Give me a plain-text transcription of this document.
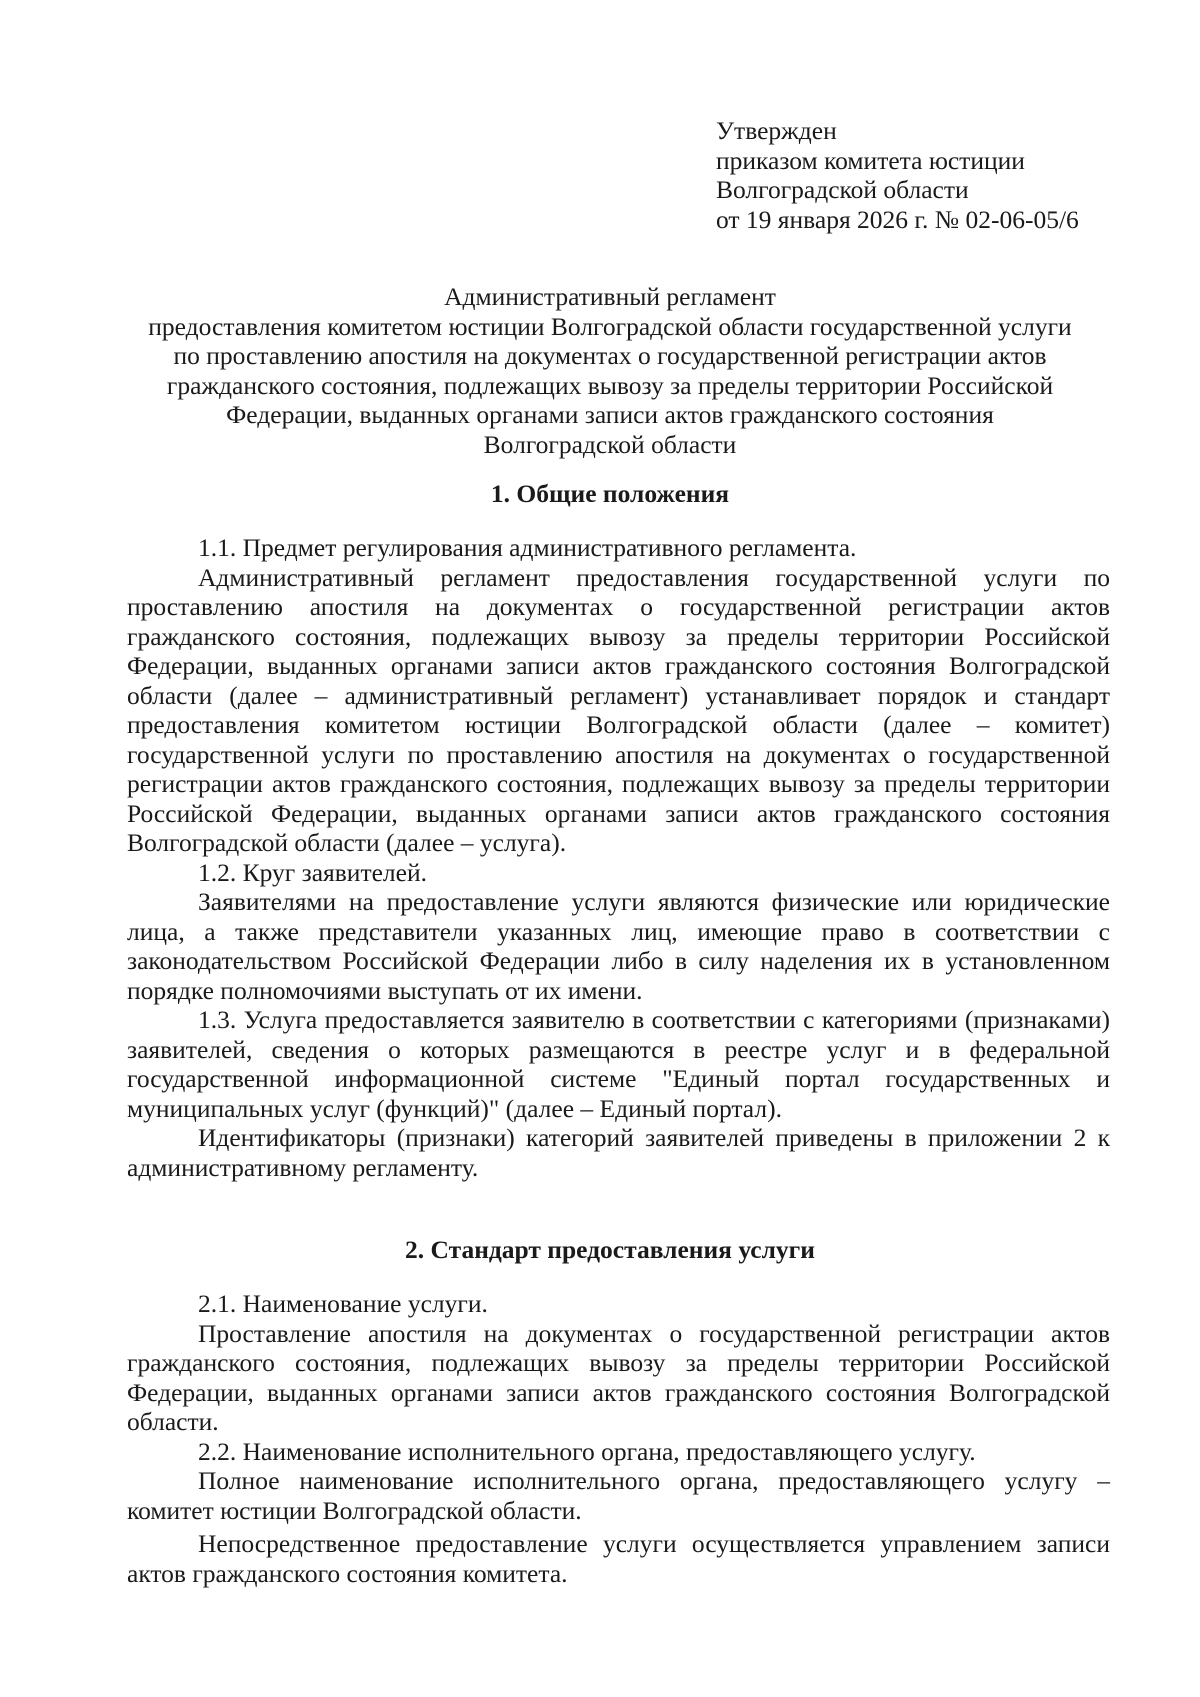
Утвержден
приказом комитета юстиции
Волгоградской области
от 19 января 2026 г. № 02-06-05/6
Административный регламент
предоставления комитетом юстиции Волгоградской области государственной услуги
по проставлению апостиля на документах о государственной регистрации актов
гражданского состояния, подлежащих вывозу за пределы территории Российской
Федерации, выданных органами записи актов гражданского состояния
Волгоградской области
1. Общие положения

1.1. Предмет регулирования административного регламента.

Административный регламент предоставления государственной услуги по проставлению апостиля на документах о государственной регистрации актов гражданского состояния, подлежащих вывозу за пределы территории Российской Федерации, выданных органами записи актов гражданского состояния Волгоградской области (далее – административный регламент) устанавливает порядок и стандарт предоставления комитетом юстиции Волгоградской области (далее – комитет) государственной услуги по проставлению апостиля на документах о государственной регистрации актов гражданского состояния, подлежащих вывозу за пределы территории Российской Федерации, выданных органами записи актов гражданского состояния Волгоградской области (далее – услуга).

1.2. Круг заявителей.

Заявителями на предоставление услуги являются физические или юридические лица, а также представители указанных лиц, имеющие право в соответствии с законодательством Российской Федерации либо в силу наделения их в установленном порядке полномочиями выступать от их имени.

1.3. Услуга предоставляется заявителю в соответствии с категориями (признаками) заявителей, сведения о которых размещаются в реестре услуг и в федеральной государственной информационной системе "Единый портал государственных и муниципальных услуг (функций)" (далее – Единый портал).

Идентификаторы (признаки) категорий заявителей приведены в приложении 2 к административному регламенту.

2. Стандарт предоставления услуги

2.1. Наименование услуги.

Проставление апостиля на документах о государственной регистрации актов гражданского состояния, подлежащих вывозу за пределы территории Российской Федерации, выданных органами записи актов гражданского состояния Волгоградской области.

2.2. Наименование исполнительного органа, предоставляющего услугу.

Полное наименование исполнительного органа, предоставляющего услугу – комитет юстиции Волгоградской области.

Непосредственное предоставление услуги осуществляется управлением записи актов гражданского состояния комитета.
